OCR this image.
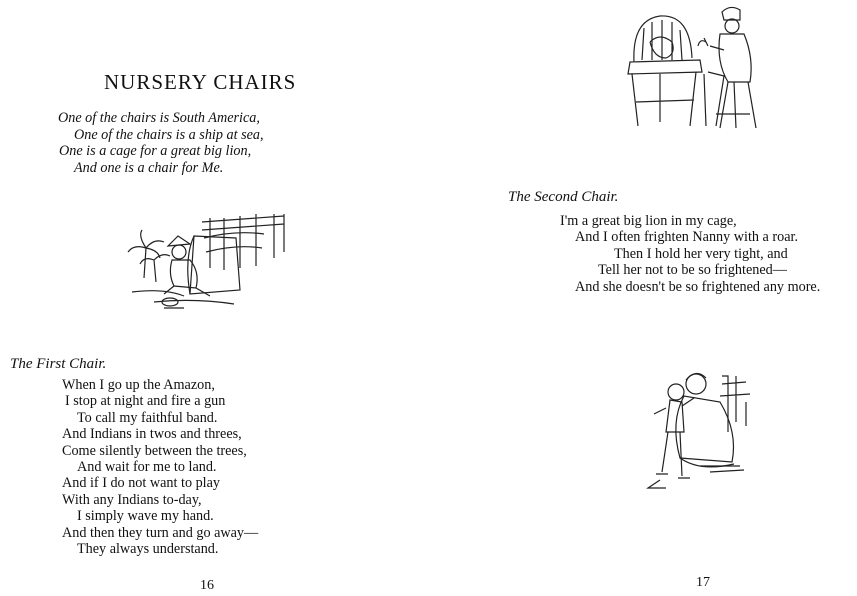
NURSERY CHAIRS
One of the chairs is South America,
One of the chairs is a ship at sea,
One is a cage for a great big lion,
And one is a chair for Me.
The First Chair.
When I go up the Amazon,
I stop at night and fire a gun
To call my faithful band.
And Indians in twos and threes,
Come silently between the trees,
And wait for me to land.
And if I do not want to play
With any Indians to-day,
I simply wave my hand.
And then they turn and go away—
They always understand.
16
The Second Chair.
I'm a great big lion in my cage,
And I often frighten Nanny with a roar.
Then I hold her very tight, and
Tell her not to be so frightened—
And she doesn't be so frightened any more.
17
